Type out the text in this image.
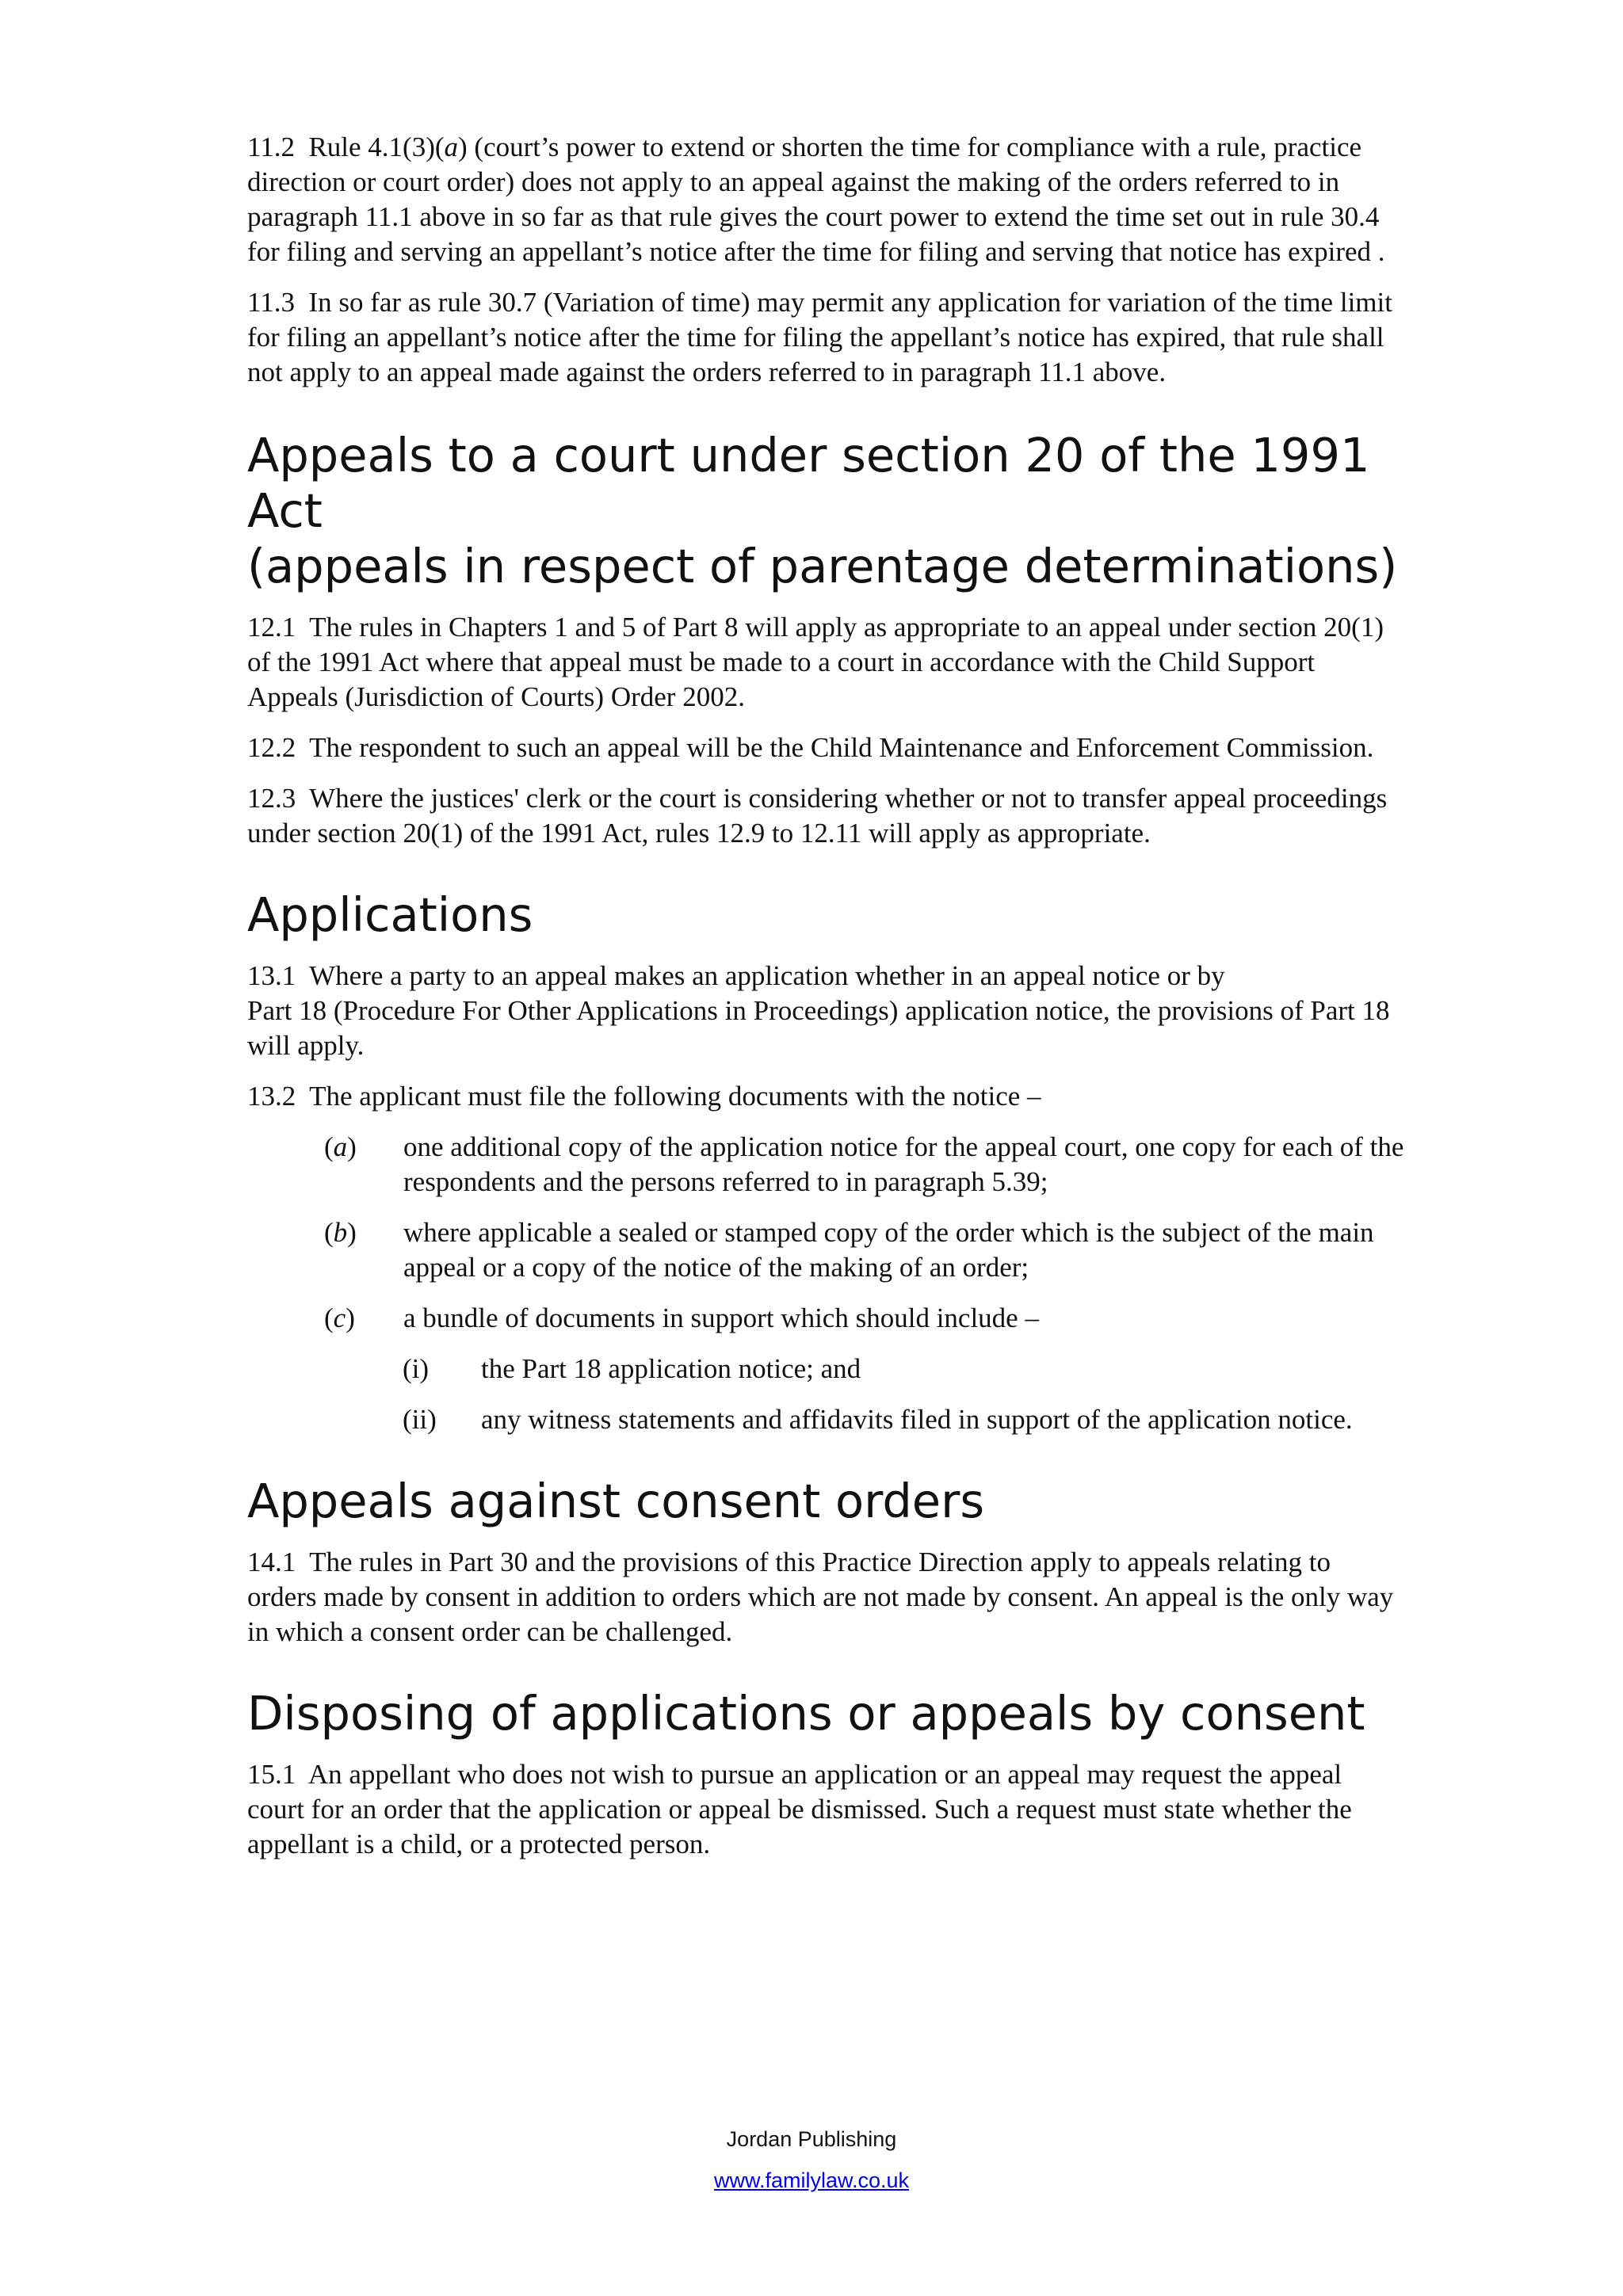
11.2 Rule 4.1(3)(a) (court’s power to extend or shorten the time for compliance with a rule, practice direction or court order) does not apply to an appeal against the making of the orders referred to in paragraph 11.1 above in so far as that rule gives the court power to extend the time set out in rule 30.4 for filing and serving an appellant’s notice after the time for filing and serving that notice has expired .

11.3 In so far as rule 30.7 (Variation of time) may permit any application for variation of the time limit for filing an appellant’s notice after the time for filing the appellant’s notice has expired, that rule shall not apply to an appeal made against the orders referred to in paragraph 11.1 above.

Appeals to a court under section 20 of the 1991 Act
(appeals in respect of parentage determinations)

12.1 The rules in Chapters 1 and 5 of Part 8 will apply as appropriate to an appeal under section 20(1) of the 1991 Act where that appeal must be made to a court in accordance with the Child Support Appeals (Jurisdiction of Courts) Order 2002.

12.2 The respondent to such an appeal will be the Child Maintenance and Enforcement Commission.

12.3 Where the justices' clerk or the court is considering whether or not to transfer appeal proceedings under section 20(1) of the 1991 Act, rules 12.9 to 12.11 will apply as appropriate.

Applications

13.1 Where a party to an appeal makes an application whether in an appeal notice or by
Part 18 (Procedure For Other Applications in Proceedings) application notice, the provisions of Part 18 will apply.

13.2 The applicant must file the following documents with the notice –

(a) one additional copy of the application notice for the appeal court, one copy for each of the respondents and the persons referred to in paragraph 5.39;
(b) where applicable a sealed or stamped copy of the order which is the subject of the main appeal or a copy of the notice of the making of an order;
(c) a bundle of documents in support which should include –
(i) the Part 18 application notice; and
(ii) any witness statements and affidavits filed in support of the application notice.
Appeals against consent orders

14.1 The rules in Part 30 and the provisions of this Practice Direction apply to appeals relating to orders made by consent in addition to orders which are not made by consent. An appeal is the only way in which a consent order can be challenged.

Disposing of applications or appeals by consent

15.1 An appellant who does not wish to pursue an application or an appeal may request the appeal court for an order that the application or appeal be dismissed. Such a request must state whether the appellant is a child, or a protected person.

Jordan Publishing
www.familylaw.co.uk
